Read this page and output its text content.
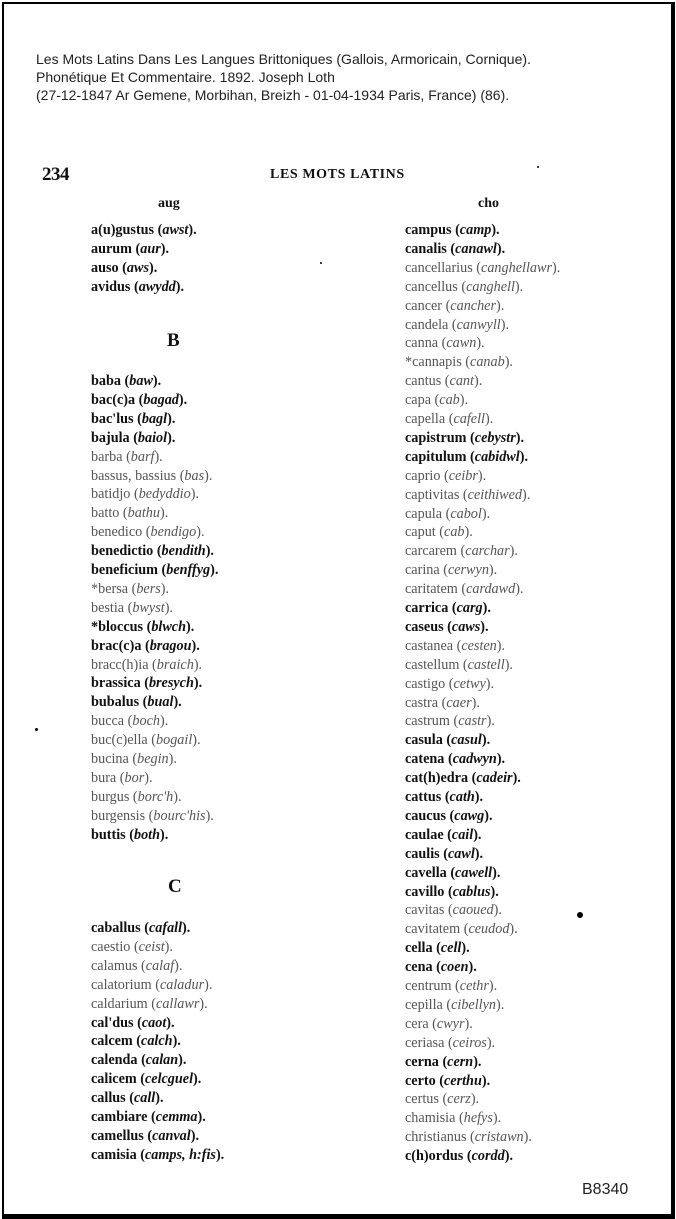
Les Mots Latins Dans Les Langues Brittoniques (Gallois, Armoricain, Cornique).
Phonétique Et Commentaire. 1892. Joseph Loth
(27-12-1847 Ar Gemene, Morbihan, Breizh - 01-04-1934 Paris, France) (86).
234	LES MOTS LATINS
aug	cho
a(u)gustus (awst).
aurum (aur).
auso (aws).
avidus (awydd).
baba (baw).
bac(c)a (bagad).
bac'lus (bagl).
bajula (baiol).
barba (barf).
bassus, bassius (bas).
batidjo (bedyddio).
batto (bathu).
benedico (bendigo).
benedictio (bendith).
beneficium (benffyg).
*bersa (bers).
bestia (bwyst).
*bloccus (blwch).
brac(c)a (bragou).
bracc(h)ia (braich).
brassica (bresych).
bubalus (bual).
bucca (boch).
buc(c)ella (bogail).
bucina (begin).
bura (bor).
burgus (borc'h).
burgensis (bourc'his).
buttis (both).
caballus (cafall).
caestio (ceist).
calamus (calaf).
calatorium (caladur).
caldarium (callawr).
cal'dus (caot).
calcem (calch).
calenda (calan).
calicem (celcguel).
callus (call).
cambiare (cemma).
camellus (canval).
camisia (camps, h:fis).
campus (camp).
canalis (canawl).
cancellarius (canghellawr).
cancellus (canghell).
cancer (cancher).
candela (canwyll).
canna (cawn).
*cannapis (canab).
cantus (cant).
capa (cab).
capella (cafell).
capistrum (cebystr).
capitulum (cabidwl).
caprio (ceibr).
captivitas (ceithiwed).
capula (cabol).
caput (cab).
carcarem (carchar).
carina (cerwyn).
caritatem (cardawd).
carrica (carg).
caseus (caws).
castanea (cesten).
castellum (castell).
castigo (cetwy).
castra (caer).
castrum (castr).
casula (casul).
catena (cadwyn).
cat(h)edra (cadeir).
cattus (cath).
caucus (cawg).
caulae (cail).
caulis (cawl).
cavella (cawell).
cavillo (cablus).
cavitas (caoued).
cavitatem (ceudod).
cella (cell).
cena (coen).
centrum (cethr).
cepilla (cibellyn).
cera (cwyr).
ceriasa (ceiros).
cerna (cern).
certo (certhu).
certus (cerz).
chamisia (hefys).
christianus (cristawn).
c(h)ordus (cordd).
B
C
B8340
